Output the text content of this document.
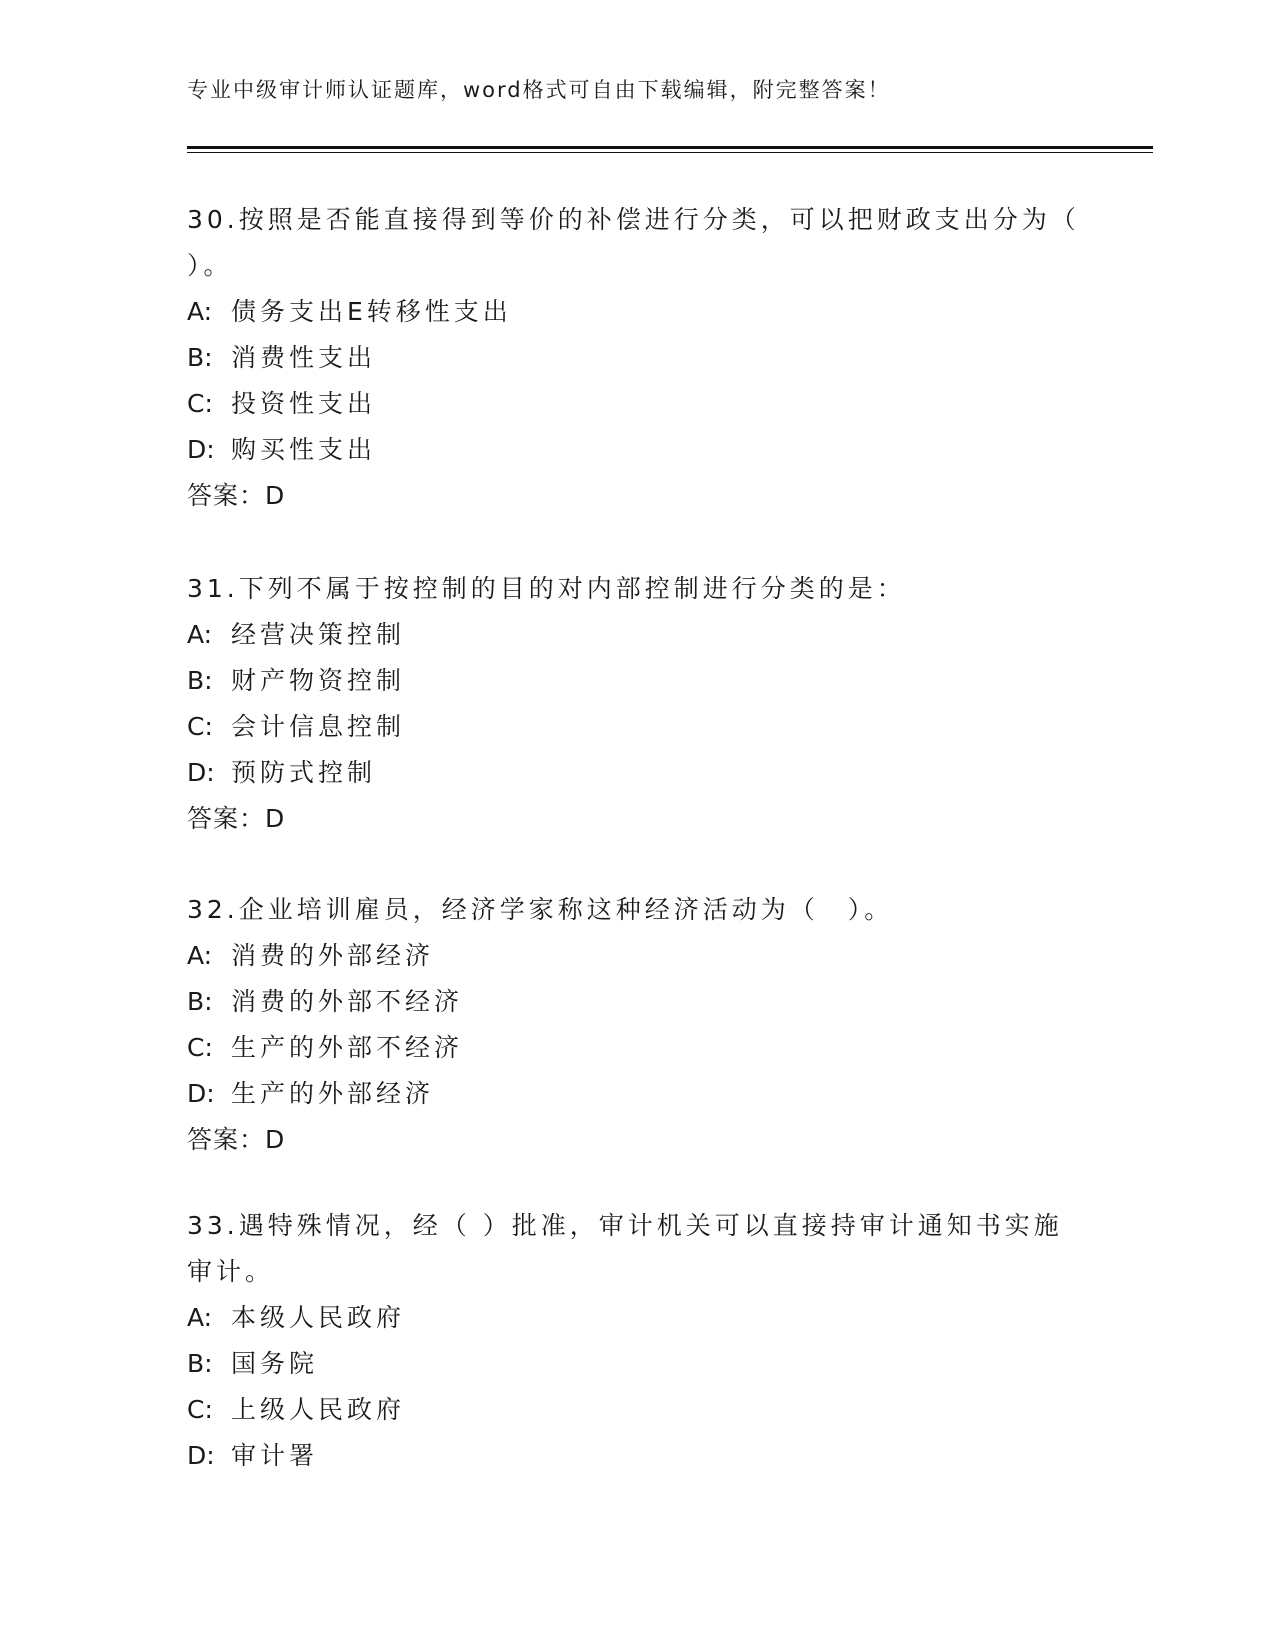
专业中级审计师认证题库，word格式可自由下载编辑，附完整答案！
30.按照是否能直接得到等价的补偿进行分类，可以把财政支出分为（
）。
A: 债务支出E转移性支出
B: 消费性支出
C: 投资性支出
D: 购买性支出
答案：D
31.下列不属于按控制的目的对内部控制进行分类的是：
A: 经营决策控制
B: 财产物资控制
C: 会计信息控制
D: 预防式控制
答案：D
32.企业培训雇员，经济学家称这种经济活动为（　）。
A: 消费的外部经济
B: 消费的外部不经济
C: 生产的外部不经济
D: 生产的外部经济
答案：D
33.遇特殊情况，经（ ）批准，审计机关可以直接持审计通知书实施
审计。
A: 本级人民政府
B: 国务院
C: 上级人民政府
D: 审计署
